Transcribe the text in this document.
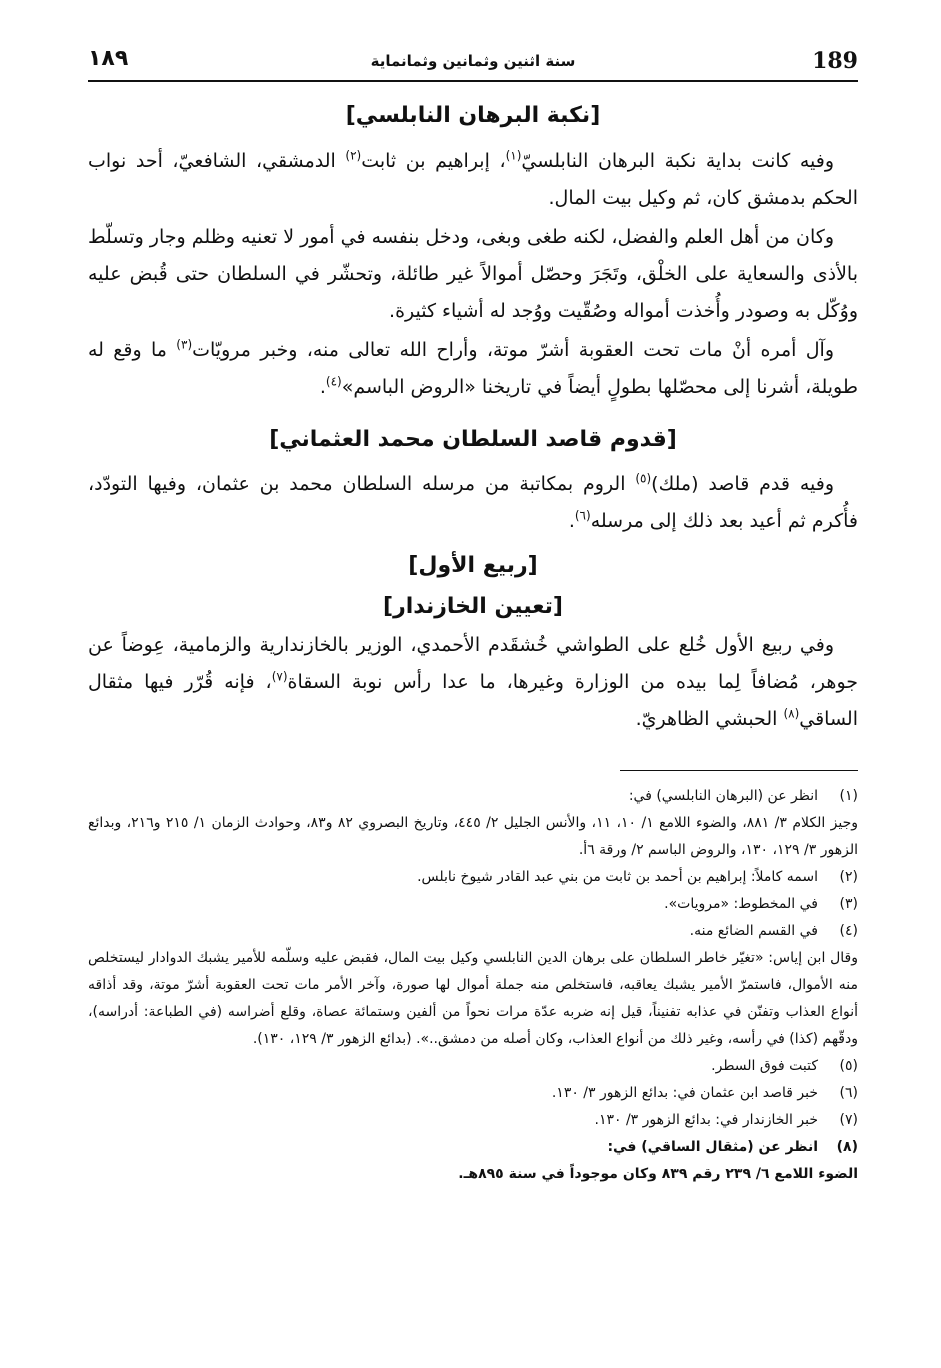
189
سنة اثنين وثمانين وثمانماية
١٨٩
[نكبة البرهان النابلسي]

وفيه كانت بداية نكبة البرهان النابلسيّ$^{(١)}$، إبراهيم بن ثابت$^{(٢)}$ الدمشقي، الشافعيّ، أحد نواب الحكم بدمشق كان، ثم وكيل بيت المال.

وكان من أهل العلم والفضل، لكنه طغى وبغى، ودخل بنفسه في أمور لا تعنيه وظلم وجار وتسلّط بالأذى والسعاية على الخلْق، وتَجَرَ وحصّل أموالاً غير طائلة، وتحشّر في السلطان حتى قُبض عليه ووُكّل به وصودر وأُخذت أمواله وصُقّيت ووُجد له أشياء كثيرة.

وآل أمره أنْ مات تحت العقوبة أشرّ موتة، وأراح الله تعالى منه، وخبر مرويّات$^{(٣)}$ ما وقع له طويلة، أشرنا إلى محصّلها بطولٍ أيضاً في تاريخنا «الروض الباسم»$^{(٤)}$.

[قدوم قاصد السلطان محمد العثماني]

وفيه قدم قاصد (ملك)$^{(٥)}$ الروم بمكاتبة من مرسله السلطان محمد بن عثمان، وفيها التودّد، فأُكرم ثم أعيد بعد ذلك إلى مرسله$^{(٦)}$.

[ربيع الأول]
[تعيين الخازندار]

وفي ربيع الأول خُلع على الطواشي خُشقَدم الأحمدي، الوزير بالخازندارية والزمامية، عِوضاً عن جوهر، مُضافاً لِما بيده من الوزارة وغيرها، ما عدا رأس نوبة السقاة$^{(٧)}$، فإنه قُرّر فيها مثقال الساقي$^{(٨)}$ الحبشي الظاهريّ.

(١)انظر عن (البرهان النابلسي) في:

وجيز الكلام ٣/ ٨٨١، والضوء اللامع ١/ ١٠، ١١، والأنس الجليل ٢/ ٤٤٥، وتاريخ البصروي ٨٢ و٨٣، وحوادث الزمان ١/ ٢١٥ و٢١٦، وبدائع الزهور ٣/ ١٢٩، ١٣٠، والروض الباسم ٢/ ورقة ٦أ.

(٢)اسمه كاملاً: إبراهيم بن أحمد بن ثابت من بني عبد القادر شيوخ نابلس.

(٣)في المخطوط: «مرويات».

(٤)في القسم الضائع منه.

وقال ابن إياس: «تغيّر خاطر السلطان على برهان الدين النابلسي وكيل بيت المال، فقبض عليه وسلّمه للأمير يشبك الدوادار ليستخلص منه الأموال، فاستمرّ الأمير يشبك يعاقبه، فاستخلص منه جملة أموال لها صورة، وآخر الأمر مات تحت العقوبة أشرّ موتة، وقد أذاقه أنواع العذاب وتفنّن في عذابه تفنيناً، قيل إنه ضربه عدّة مرات نحواً من ألفين وستمائة عصاة، وقلع أضراسه (في الطباعة: أدراسه)، ودقّهم (كذا) في رأسه، وغير ذلك من أنواع العذاب، وكان أصله من دمشق..». (بدائع الزهور ٣/ ١٢٩، ١٣٠).

(٥)كتبت فوق السطر.

(٦)خبر قاصد ابن عثمان في: بدائع الزهور ٣/ ١٣٠.

(٧)خبر الخازندار في: بدائع الزهور ٣/ ١٣٠.

(٨)انظر عن (مثقال الساقي) في:

الضوء اللامع ٦/ ٢٣٩ رقم ٨٣٩ وكان موجوداً في سنة ٨٩٥هـ.
